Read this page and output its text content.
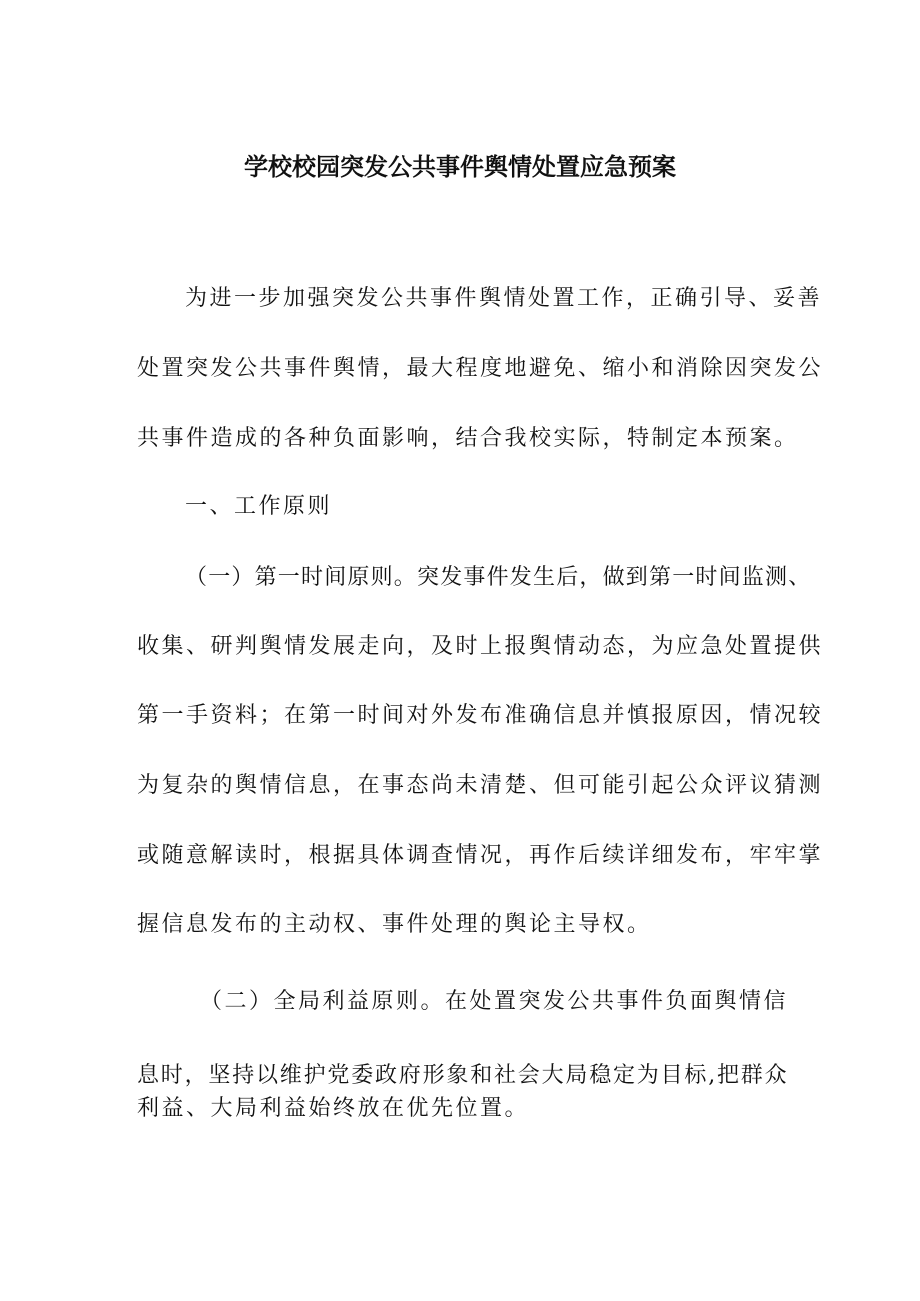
学校校园突发公共事件舆情处置应急预案

为进一步加强突发公共事件舆情处置工作，正确引导、妥善

处置突发公共事件舆情，最大程度地避免、缩小和消除因突发公

共事件造成的各种负面影响，结合我校实际，特制定本预案。

一、工作原则

（一）第一时间原则。突发事件发生后，做到第一时间监测、

收集、研判舆情发展走向，及时上报舆情动态，为应急处置提供

第一手资料；在第一时间对外发布准确信息并慎报原因，情况较

为复杂的舆情信息，在事态尚未清楚、但可能引起公众评议猜测

或随意解读时，根据具体调查情况，再作后续详细发布，牢牢掌

握信息发布的主动权、事件处理的舆论主导权。

（二）全局利益原则。在处置突发公共事件负面舆情信

息时，坚持以维护党委政府形象和社会大局稳定为目标,把群众

利益、大局利益始终放在优先位置。
